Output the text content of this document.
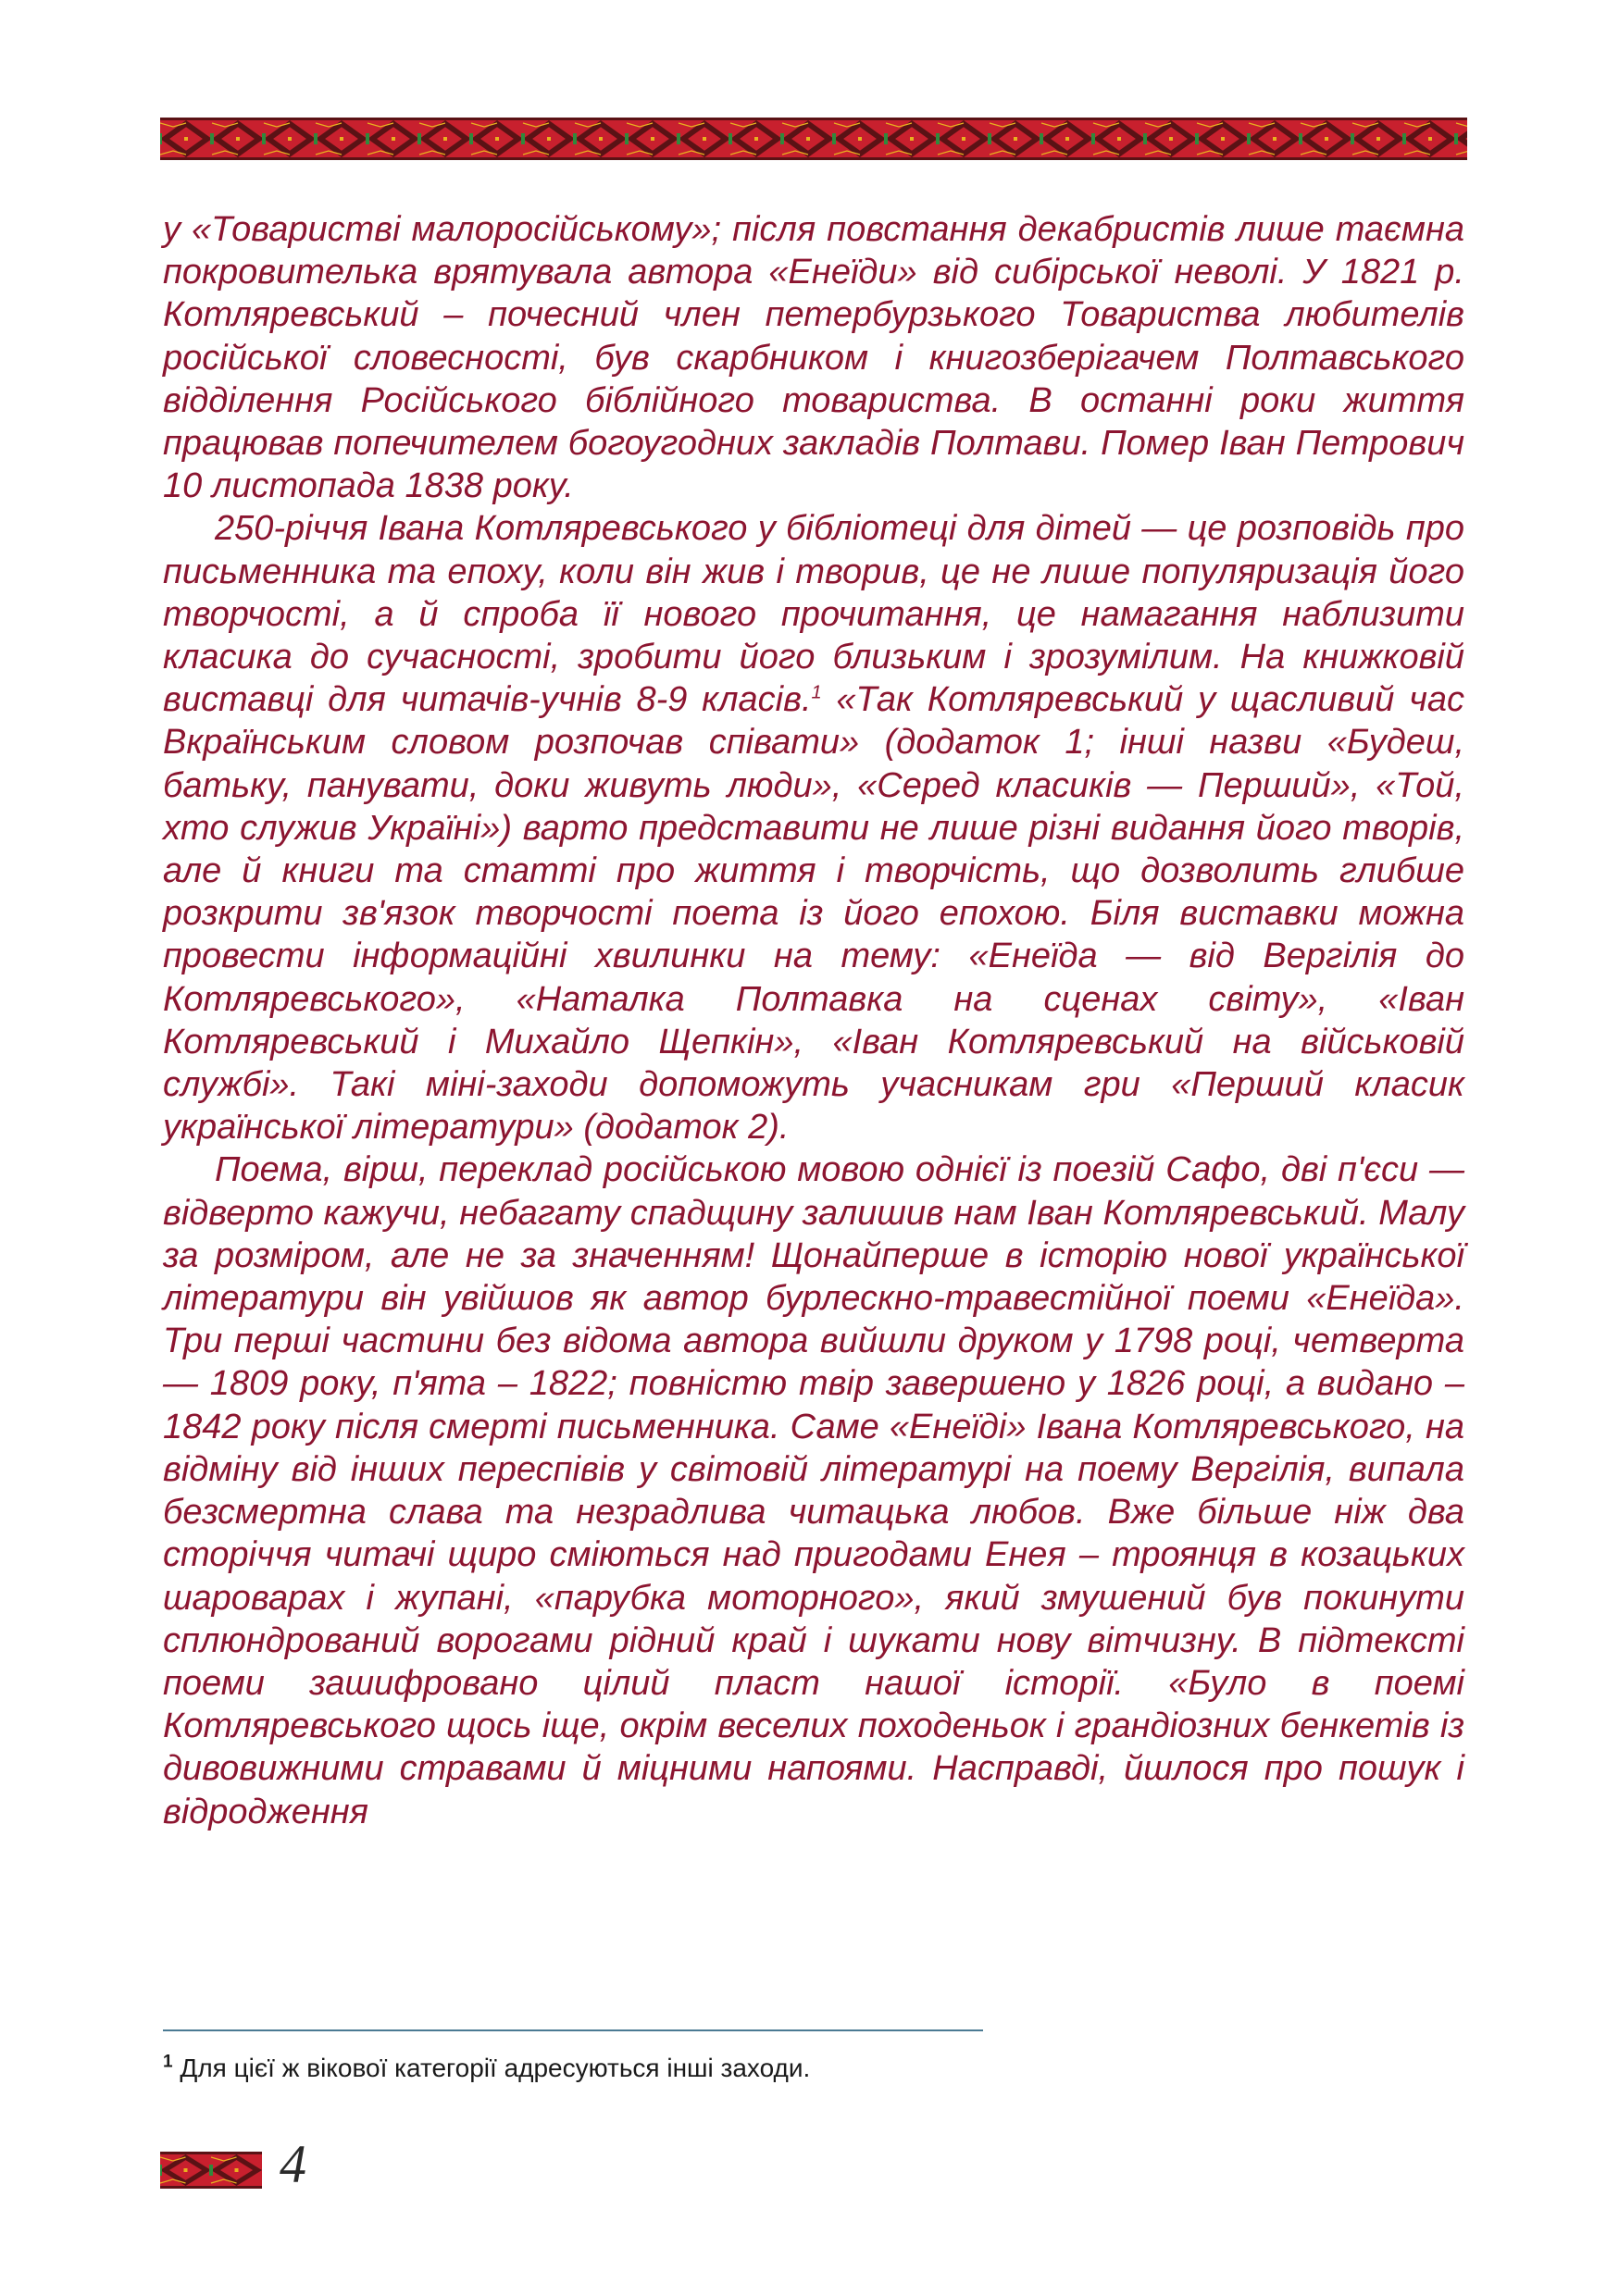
у «Товаристві малоросійському»; після повстання декабристів лише таємна покровителька врятувала автора «Енеїди» від сибірської неволі. У 1821 р. Котляревський – почесний член петербурзького Товариства любителів російської словесності, був скарбником і книгозберігачем Полтавського відділення Російського біблійного товариства. В останні роки життя працював попечителем богоугодних закладів Полтави. Помер Іван Петрович 10 листопада 1838 року.

250-річчя Івана Котляревського у бібліотеці для дітей — це розповідь про письменника та епоху, коли він жив і творив, це не лише популяризація його творчості, а й спроба її нового прочитання, це намагання наблизити класика до сучасності, зробити його близьким і зрозумілим. На книжковій виставці для читачів-учнів 8-9 класів.$^1$ «Так Котляревський у щасливий час Вкраїнським словом розпочав співати» (додаток 1; інші назви «Будеш, батьку, панувати, доки живуть люди», «Серед класиків — Перший», «Той, хто служив Україні») варто представити не лише різні видання його творів, але й книги та статті про життя і творчість, що дозволить глибше розкрити зв'язок творчості поета із його епохою. Біля виставки можна провести інформаційні хвилинки на тему: «Енеїда — від Вергілія до Котляревського», «Наталка Полтавка на сценах світу», «Іван Котляревський і Михайло Щепкін», «Іван Котляревський на військовій службі». Такі міні-заходи допоможуть учасникам гри «Перший класик української літератури» (додаток 2).

Поема, вірш, переклад російською мовою однієї із поезій Сафо, дві п'єси — відверто кажучи, небагату спадщину залишив нам Іван Котляревський. Малу за розміром, але не за значенням! Щонайперше в історію нової української літератури він увійшов як автор бурлескно-травестійної поеми «Енеїда». Три перші частини без відома автора вийшли друком у 1798 році, четверта — 1809 року, п'ята – 1822; повністю твір завершено у 1826 році, а видано –1842 року після смерті письменника. Саме «Енеїді» Івана Котляревського, на відміну від інших переспівів у світовій літературі на поему Вергілія, випала безсмертна слава та незрадлива читацька любов. Вже більше ніж два сторіччя читачі щиро сміються над пригодами Енея – троянця в козацьких шароварах і жупані, «парубка моторного», який змушений був покинути сплюндрований ворогами рідний край і шукати нову вітчизну. В підтексті поеми зашифровано цілий пласт нашої історії. «Було в поемі Котляревського щось іще, окрім веселих походеньок і грандіозних бенкетів із дивовижними стравами й міцними напоями. Насправді, йшлося про пошук і відродження

$^1$ Для цієї ж вікової категорії адресуються інші заходи.
4
